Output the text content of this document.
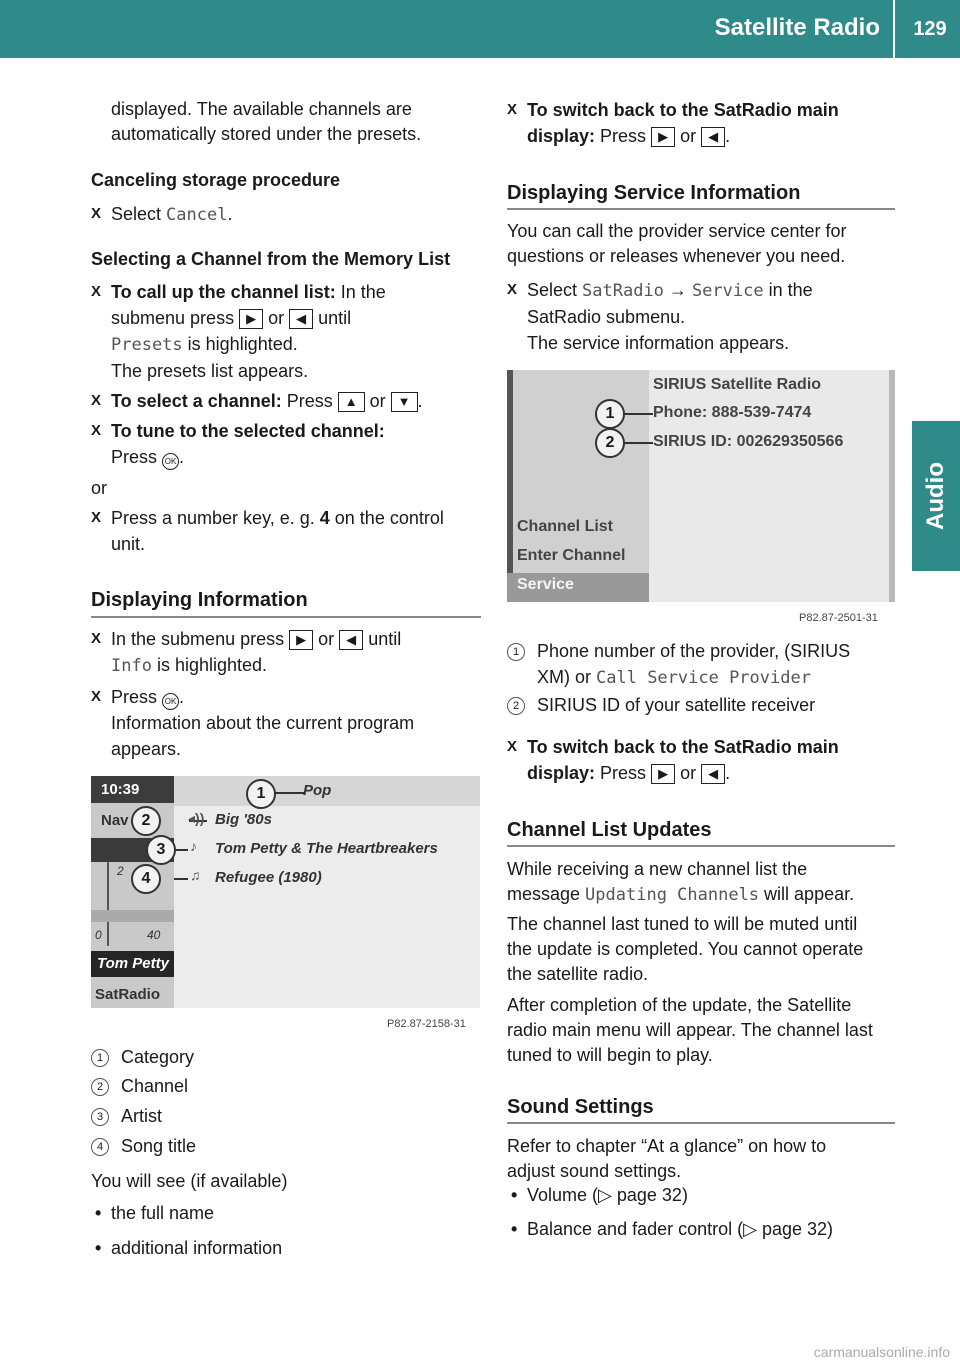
Satellite Radio 129
Audio
displayed. The available channels are
automatically stored under the presets.
Canceling storage procedure
X Select Cancel.
Selecting a Channel from the Memory List
X To call up the channel list: In the
submenu press ▶ or ◀ until
Presets is highlighted.
The presets list appears.
X To select a channel: Press ▲ or ▼ .
X To tune to the selected channel:
Press OK .
or
X Press a number key, e. g. 4 on the control
unit.
Displaying Information
X In the submenu press ▶ or ◀ until
Info is highlighted.
X Press OK .
Information about the current program
appears.
10:39
Nav
2
0	40
Tom Petty
SatRadio
Pop
◂)) Big '80s
♪ Tom Petty & The Heartbreakers
♫ Refugee (1980)
1
2
3
4
P82.87-2158-31
1 Category
2 Channel
3 Artist
4 Song title
You will see (if available)
• the full name
• additional information
X To switch back to the SatRadio main
display: Press ▶ or ◀ .
Displaying Service Information
You can call the provider service center for
questions or releases whenever you need.
X Select SatRadio → Service in the
SatRadio submenu.
The service information appears.
SIRIUS Satellite Radio
Phone: 888-539-7474
SIRIUS ID: 002629350566
1
2
Channel List
Enter Channel
Service
P82.87-2501-31
1 Phone number of the provider, (SIRIUS
XM) or Call Service Provider
2 SIRIUS ID of your satellite receiver
X To switch back to the SatRadio main
display: Press ▶ or ◀ .
Channel List Updates
While receiving a new channel list the
message Updating Channels will appear.
The channel last tuned to will be muted until
the update is completed. You cannot operate
the satellite radio.
After completion of the update, the Satellite
radio main menu will appear. The channel last
tuned to will begin to play.
Sound Settings
Refer to chapter “At a glance” on how to
adjust sound settings.
• Volume (▷ page 32)
• Balance and fader control (▷ page 32)
carmanualsonline.info
